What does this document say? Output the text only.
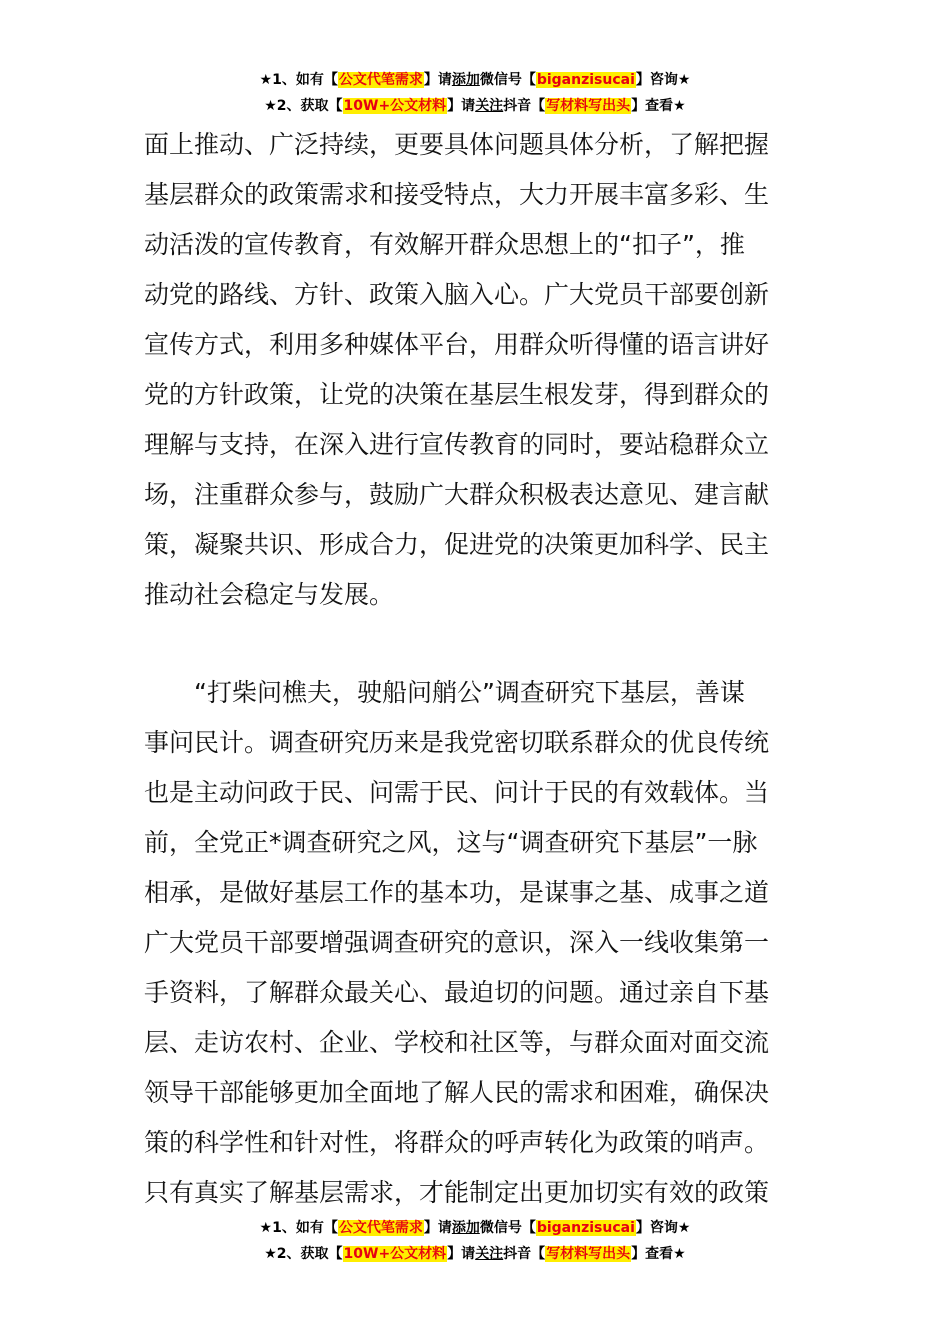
★1、如有【公文代笔需求】请添加微信号【biganzisucai】咨询★
★2、获取【10W+公文材料】请关注抖音【写材料写出头】查看★
面上推动、广泛持续，更要具体问题具体分析，了解把握
基层群众的政策需求和接受特点，大力开展丰富多彩、生
动活泼的宣传教育，有效解开群众思想上的“扣子”，推
动党的路线、方针、政策入脑入心。广大党员干部要创新
宣传方式，利用多种媒体平台，用群众听得懂的语言讲好
党的方针政策，让党的决策在基层生根发芽，得到群众的
理解与支持，在深入进行宣传教育的同时，要站稳群众立
场，注重群众参与，鼓励广大群众积极表达意见、建言献
策，凝聚共识、形成合力，促进党的决策更加科学、民主
推动社会稳定与发展。
　　“打柴问樵夫，驶船问艄公”调查研究下基层，善谋
事问民计。调查研究历来是我党密切联系群众的优良传统
也是主动问政于民、问需于民、问计于民的有效载体。当
前，全党正*调查研究之风，这与“调查研究下基层”一脉
相承，是做好基层工作的基本功，是谋事之基、成事之道
广大党员干部要增强调查研究的意识，深入一线收集第一
手资料，了解群众最关心、最迫切的问题。通过亲自下基
层、走访农村、企业、学校和社区等，与群众面对面交流
领导干部能够更加全面地了解人民的需求和困难，确保决
策的科学性和针对性，将群众的呼声转化为政策的哨声。
只有真实了解基层需求，才能制定出更加切实有效的政策
★1、如有【公文代笔需求】请添加微信号【biganzisucai】咨询★
★2、获取【10W+公文材料】请关注抖音【写材料写出头】查看★
